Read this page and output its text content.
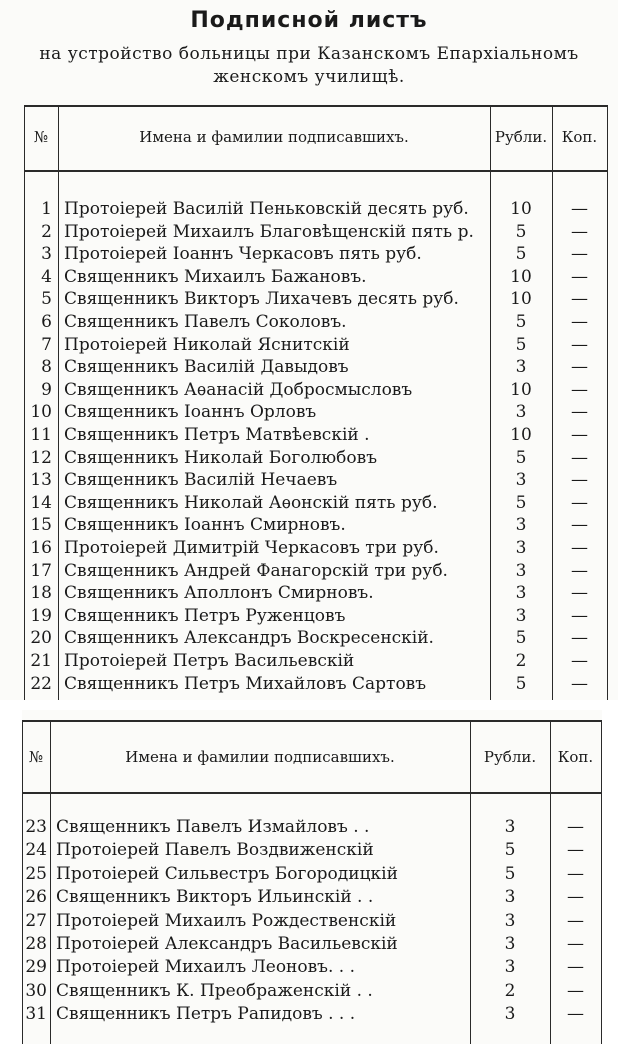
Подписной листъ
на устройство больницы при Казанскомъ Епархіальномъ
женскомъ училищѣ.
№	Имена и фамилии подписавшихъ.	Рубли. Коп.
1 Протоіерей Василій Пеньковскій десять руб.	10	—
2 Протоіерей Михаилъ Благовѣщенскій пять р.	5	—
3 Протоіерей Іоаннъ Черкасовъ пять руб.	5	—
4 Священникъ Михаилъ Бажановъ.	10	—
5 Священникъ Викторъ Лихачевъ десять руб.	10	—
6 Священникъ Павелъ Соколовъ.	5	—
7 Протоіерей Николай Яснитскій	5	—
8 Священникъ Василій Давыдовъ	3	—
9 Священникъ Аѳанасій Добросмысловъ	10	—
10 Священникъ Іоаннъ Орловъ	3	—
11 Священникъ Петръ Матвѣевскій .	10	—
12 Священникъ Николай Боголюбовъ	5	—
13 Священникъ Василій Нечаевъ	3	—
14 Священникъ Николай Аѳонскій пять руб.	5	—
15 Священникъ Іоаннъ Смирновъ.	3	—
16 Протоіерей Димитрій Черкасовъ три руб.	3	—
17 Священникъ Андрей Фанагорскій три руб.	3	—
18 Священникъ Аполлонъ Смирновъ.	3	—
19 Священникъ Петръ Руженцовъ	3	—
20 Священникъ Александръ Воскресенскій.	5	—
21 Протоіерей Петръ Васильевскій	2	—
22 Священникъ Петръ Михайловъ Сартовъ	5	—
№	Имена и фамилии подписавшихъ.	Рубли.	Коп.
23 Священникъ Павелъ Измайловъ . .	3	—
24 Протоіерей Павелъ Воздвиженскій	5	—
25 Протоіерей Сильвестръ Богородицкій	5	—
26 Священникъ Викторъ Ильинскій . .	3	—
27 Протоіерей Михаилъ Рождественскій	3	—
28 Протоіерей Александръ Васильевскій	3	—
29 Протоіерей Михаилъ Леоновъ. . .	3	—
30 Священникъ К. Преображенскій . .	2	—
31 Священникъ Петръ Рапидовъ . . .	3	—
